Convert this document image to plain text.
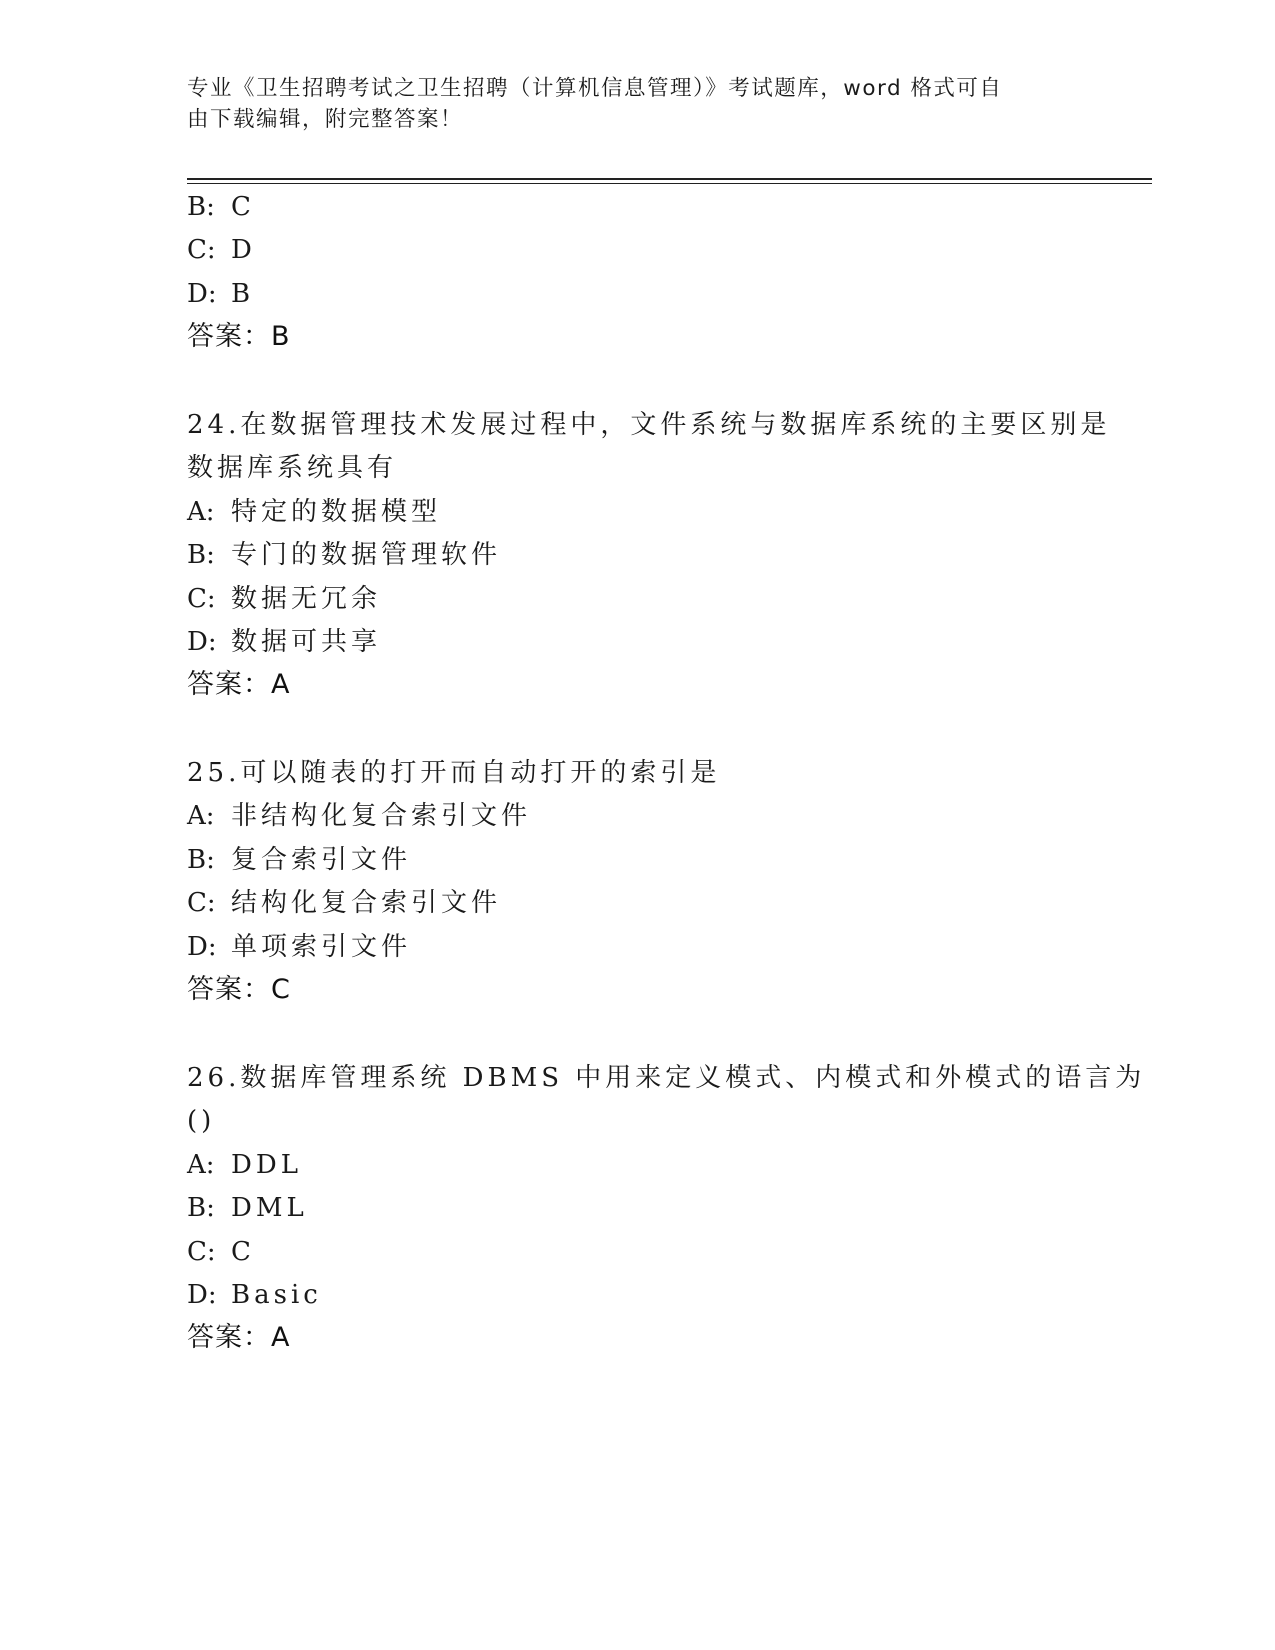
专业《卫生招聘考试之卫生招聘（计算机信息管理）》考试题库，word 格式可自
由下载编辑，附完整答案！
B: C
C: D
D: B
答案：B
24.在数据管理技术发展过程中，文件系统与数据库系统的主要区别是
数据库系统具有
A: 特定的数据模型
B: 专门的数据管理软件
C: 数据无冗余
D: 数据可共享
答案：A
25.可以随表的打开而自动打开的索引是
A: 非结构化复合索引文件
B: 复合索引文件
C: 结构化复合索引文件
D: 单项索引文件
答案：C
26.数据库管理系统 DBMS 中用来定义模式、内模式和外模式的语言为
()
A: DDL
B: DML
C: C
D: Basic
答案：A
